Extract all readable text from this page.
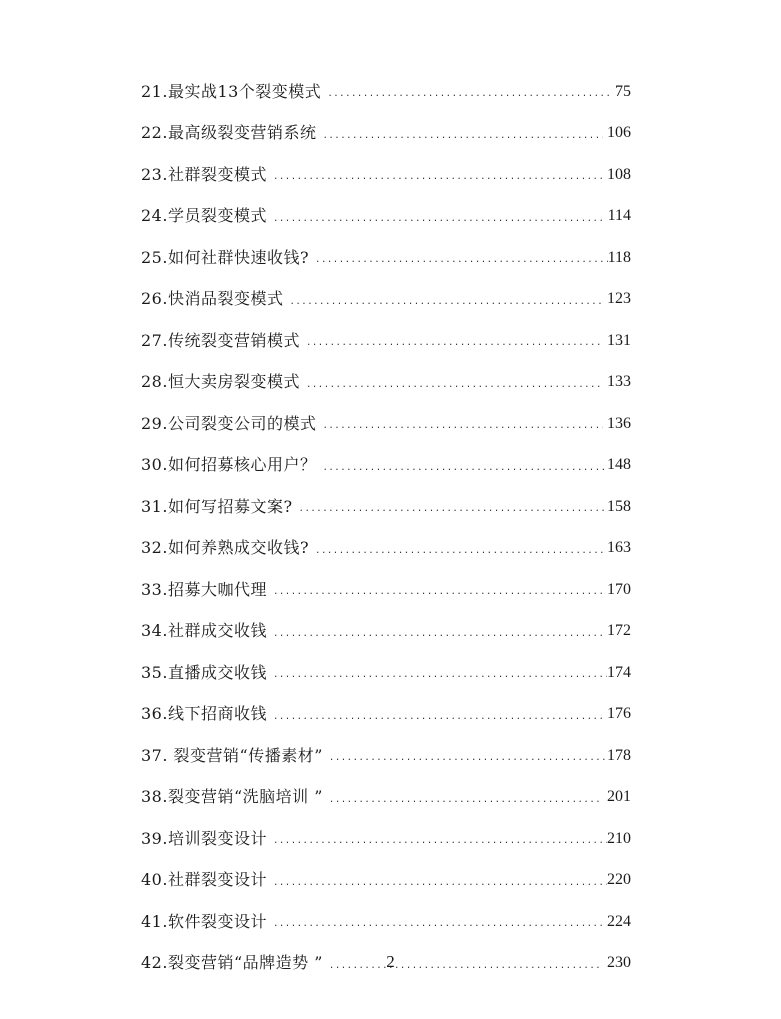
21.最实战13个裂变模式 .....	75
22.最高级裂变营销系统 .....	106
23.社群裂变模式 .....	108
24.学员裂变模式 .....	114
25.如何社群快速收钱? .....	118
26.快消品裂变模式 .....	123
27.传统裂变营销模式 .....	131
28.恒大卖房裂变模式 .....	133
29.公司裂变公司的模式 .....	136
30.如何招募核心用户？ .....	148
31.如何写招募文案? .....	158
32.如何养熟成交收钱? .....	163
33.招募大咖代理 .....	170
34.社群成交收钱 .....	172
35.直播成交收钱 .....	174
36.线下招商收钱 .....	176
37. 裂变营销“传播素材” .....	178
38.裂变营销“洗脑培训 ” .....	201
39.培训裂变设计 .....	210
40.社群裂变设计 .....	220
41.软件裂变设计 .....	224
42.裂变营销“品牌造势 ” .....	230
2
